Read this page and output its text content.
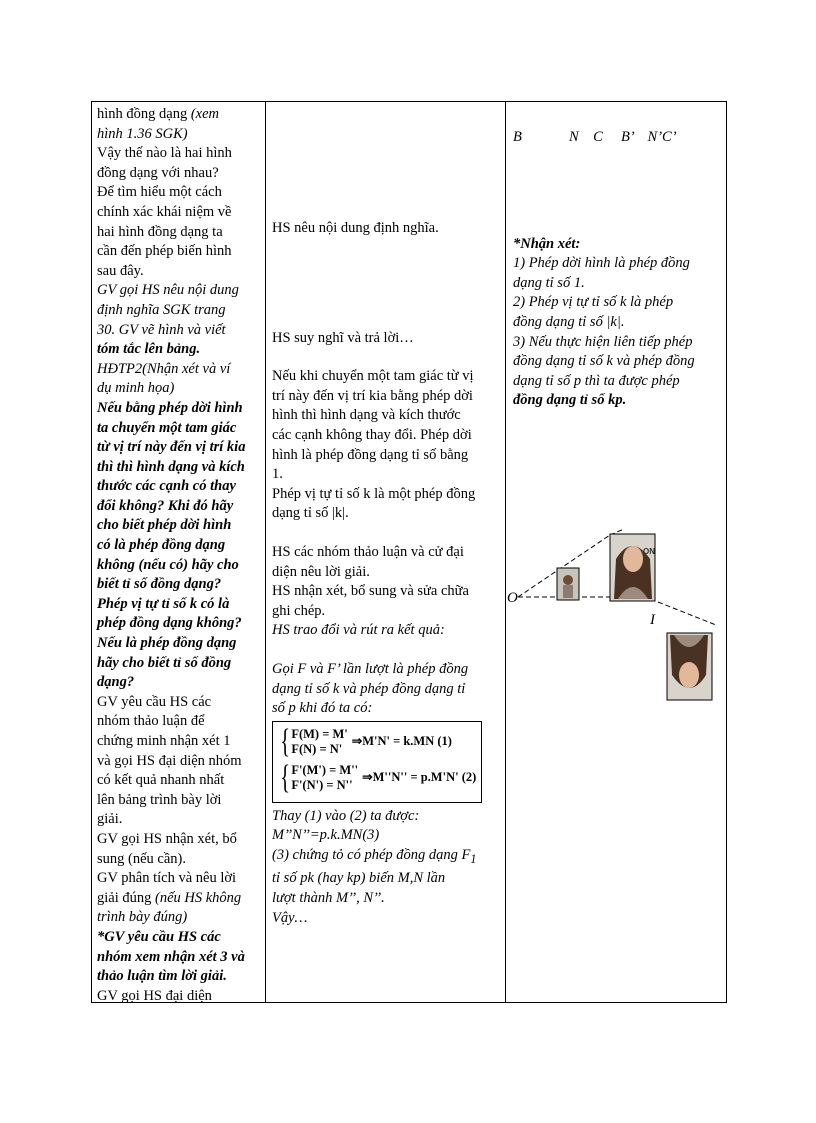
hình đồng dạng (xem

hình 1.36 SGK)

Vậy thế nào là hai hình

đồng dạng với nhau?

Để tìm hiểu một cách

chính xác khái niệm về

hai hình đồng dạng ta

cần đến phép biến hình

sau đây.

GV gọi HS nêu nội dung

định nghĩa SGK trang

30. GV vẽ hình và viết

tóm tắc lên bảng.

HĐTP2(Nhận xét và ví

dụ minh họa)

Nếu bằng phép dời hình

ta chuyển một tam giác

từ vị trí này đến vị trí kia

thì thì hình dạng và kích

thước các cạnh có thay

đổi không? Khi đó hãy

cho biết phép dời hình

có là phép đồng dạng

không (nếu có) hãy cho

biết tỉ số đồng dạng?

Phép vị tự tỉ số k có là

phép đồng dạng không?

Nếu là phép đồng dạng

hãy cho biết tỉ số đồng

dạng?

GV yêu cầu HS các

nhóm thảo luận để

chứng minh nhận xét 1

và gọi HS đại diện nhóm

có kết quả nhanh nhất

lên bảng trình bày lời

giải.

GV gọi HS nhận xét, bổ

sung (nếu cần).

GV phân tích và nêu lời

giải đúng (nếu HS không

trình bày đúng)

*GV yêu cầu HS các

nhóm xem nhận xét 3 và

thảo luận tìm lời giải.

GV gọi HS đại diện

HS nêu nội dung định nghĩa.

HS suy nghĩ và trả lời…

Nếu khi chuyển một tam giác từ vị

trí này đến vị trí kia bằng phép dời

hình thì hình dạng và kích thước

các cạnh không thay đổi. Phép dời

hình là phép đồng dạng tỉ số bằng

1.

Phép vị tự tỉ số k là một phép đồng

dạng tỉ số |k|.

HS các nhóm thảo luận và cử đại

diện nêu lời giải.

HS nhận xét, bổ sung và sửa chữa

ghi chép.

HS trao đổi và rút ra kết quả:

Gọi F và F’ lần lượt là phép đồng

dạng tỉ số k và phép đồng dạng tỉ

số p khi đó ta có:

{ F(M) = M'
F(N) = N'
⇒M'N' = k.MN (1)
{ F'(M') = M''
F'(N') = N''
⇒M''N'' = p.M'N' (2)

Thay (1) vào (2) ta được:

M’’N’’=p.k.MN(3)

(3) chứng tỏ có phép đồng dạng $F_1$

tỉ số pk (hay kp) biến M,N lần

lượt thành M’’, N’’.

Vậy…

B             N    C     B’    N’C’

*Nhận xét:

1) Phép dời hình là phép đồng

dạng tỉ số 1.

2) Phép vị tự tỉ số k là phép

đồng dạng tỉ số |k|.

3) Nếu thực hiện liên tiếp phép

đồng dạng tỉ số k và phép đồng

dạng tỉ số p thì ta được phép

đồng dạng tỉ số kp.

ON
O
I
